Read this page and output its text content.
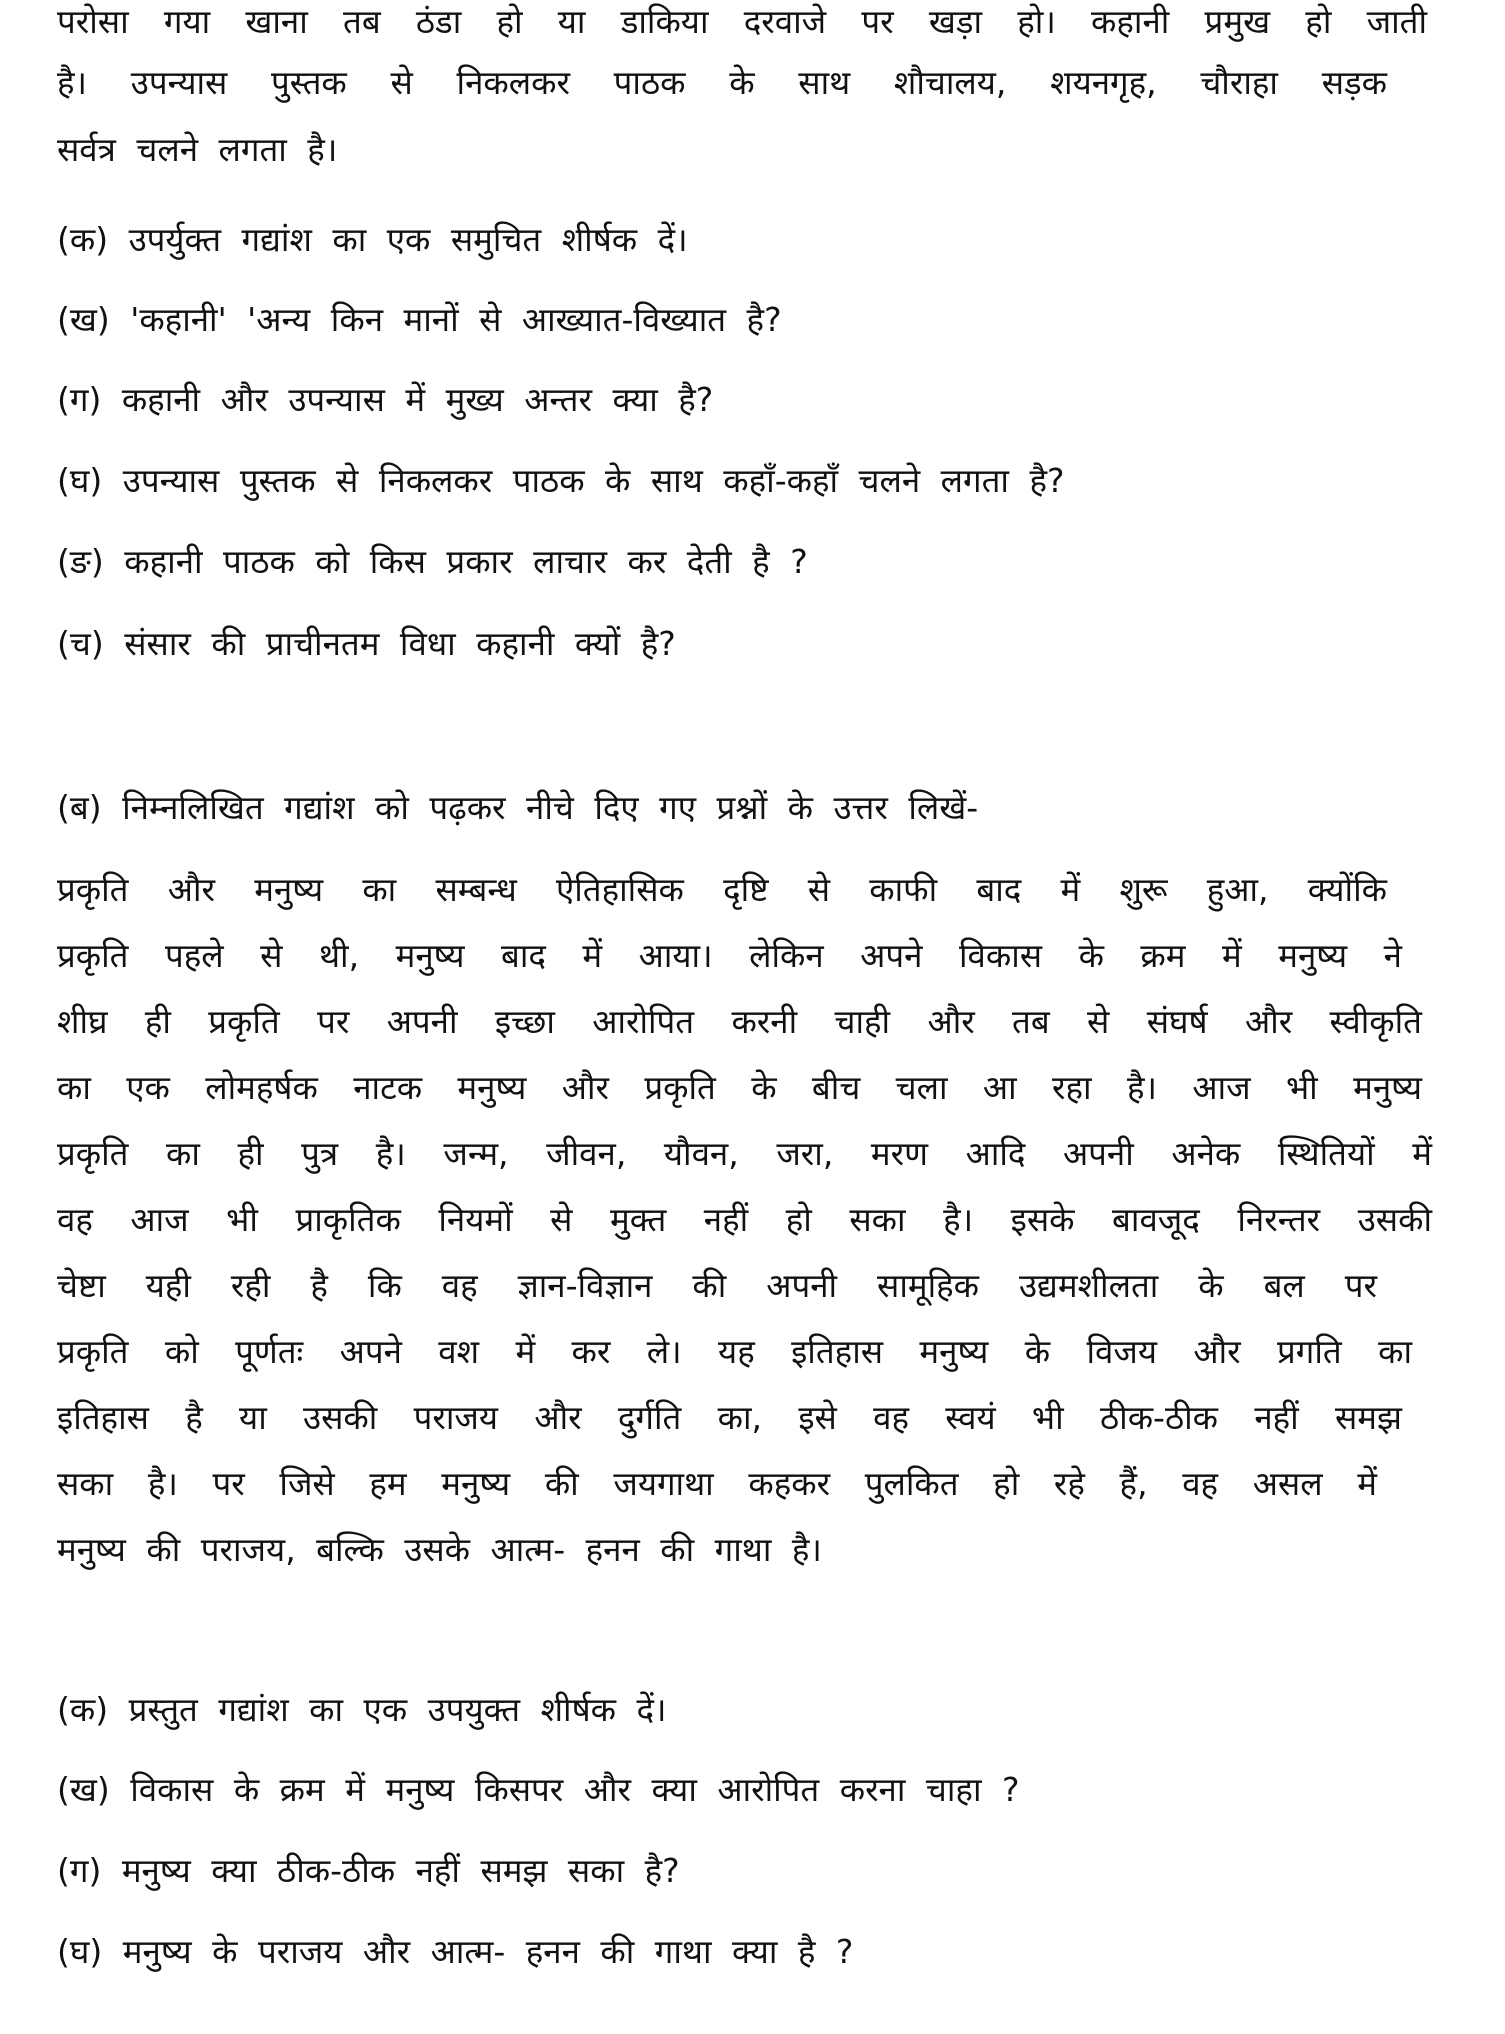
परोसा गया खाना तब ठंडा हो या डाकिया दरवाजे पर खड़ा हो। कहानी प्रमुख हो जाती
है। उपन्यास पुस्तक से निकलकर पाठक के साथ शौचालय, शयनगृह, चौराहा सड़क
सर्वत्र चलने लगता है।
(क) उपर्युक्त गद्यांश का एक समुचित शीर्षक दें।
(ख) 'कहानी' 'अन्य किन मानों से आख्यात-विख्यात है?
(ग) कहानी और उपन्यास में मुख्य अन्तर क्या है?
(घ) उपन्यास पुस्तक से निकलकर पाठक के साथ कहाँ-कहाँ चलने लगता है?
(ङ) कहानी पाठक को किस प्रकार लाचार कर देती है ?
(च) संसार की प्राचीनतम विधा कहानी क्यों है?
(ब) निम्नलिखित गद्यांश को पढ़कर नीचे दिए गए प्रश्नों के उत्तर लिखें-
प्रकृति और मनुष्य का सम्बन्ध ऐतिहासिक दृष्टि से काफी बाद में शुरू हुआ, क्योंकि
प्रकृति पहले से थी, मनुष्य बाद में आया। लेकिन अपने विकास के क्रम में मनुष्य ने
शीघ्र ही प्रकृति पर अपनी इच्छा आरोपित करनी चाही और तब से संघर्ष और स्वीकृति
का एक लोमहर्षक नाटक मनुष्य और प्रकृति के बीच चला आ रहा है। आज भी मनुष्य
प्रकृति का ही पुत्र है। जन्म, जीवन, यौवन, जरा, मरण आदि अपनी अनेक स्थितियों में
वह आज भी प्राकृतिक नियमों से मुक्त नहीं हो सका है। इसके बावजूद निरन्तर उसकी
चेष्टा यही रही है कि वह ज्ञान-विज्ञान की अपनी सामूहिक उद्यमशीलता के बल पर
प्रकृति को पूर्णतः अपने वश में कर ले। यह इतिहास मनुष्य के विजय और प्रगति का
इतिहास है या उसकी पराजय और दुर्गति का, इसे वह स्वयं भी ठीक-ठीक नहीं समझ
सका है। पर जिसे हम मनुष्य की जयगाथा कहकर पुलकित हो रहे हैं, वह असल में
मनुष्य की पराजय, बल्कि उसके आत्म- हनन की गाथा है।
(क) प्रस्तुत गद्यांश का एक उपयुक्त शीर्षक दें।
(ख) विकास के क्रम में मनुष्य किसपर और क्या आरोपित करना चाहा ?
(ग) मनुष्य क्या ठीक-ठीक नहीं समझ सका है?
(घ) मनुष्य के पराजय और आत्म- हनन की गाथा क्या है ?
